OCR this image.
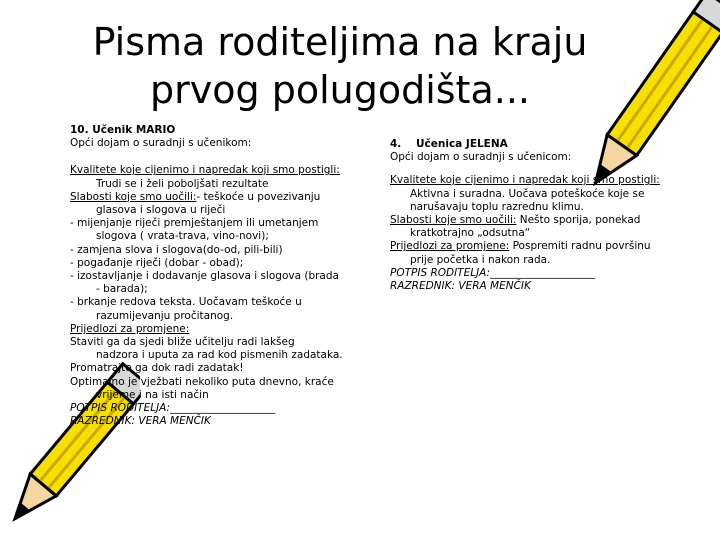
Pisma roditeljima na kraju
prvog polugodišta...
10. Učenik MARIO
Opći dojam o suradnji s učenikom:
Kvalitete koje cijenimo i napredak koji smo postigli:
Trudi se i želi poboljšati rezultate
Slabosti koje smo uočili:- teškoće u povezivanju
glasova i slogova u riječi
- mijenjanje riječi premještanjem ili umetanjem
slogova ( vrata-trava, vino-novi);
- zamjena slova i slogova(do-od, pili-bili)
- pogađanje riječi (dobar - obad);
- izostavljanje i dodavanje glasova i slogova (brada
- barada);
- brkanje redova teksta. Uočavam teškoće u
razumijevanju pročitanog.
Prijedlozi za promjene:
Staviti ga da sjedi bliže učitelju radi lakšeg
nadzora i uputa za rad kod pismenih zadataka.
Promatrajte ga dok radi zadatak!
Optimalno je vježbati nekoliko puta dnevno, kraće
vrijeme i na isti način
POTPIS RODITELJA:____________________
RAZREDNIK: VERA MENČIK
4. Učenica JELENA
Opći dojam o suradnji s učenicom:
Kvalitete koje cijenimo i napredak koji smo postigli:
Aktivna i suradna. Uočava poteškoće koje se
narušavaju toplu razrednu klimu.
Slabosti koje smo uočili: Nešto sporija, ponekad
kratkotrajno „odsutna“
Prijedlozi za promjene: Pospremiti radnu površinu
prije početka i nakon rada.
POTPIS RODITELJA:____________________
RAZREDNIK: VERA MENČIK
